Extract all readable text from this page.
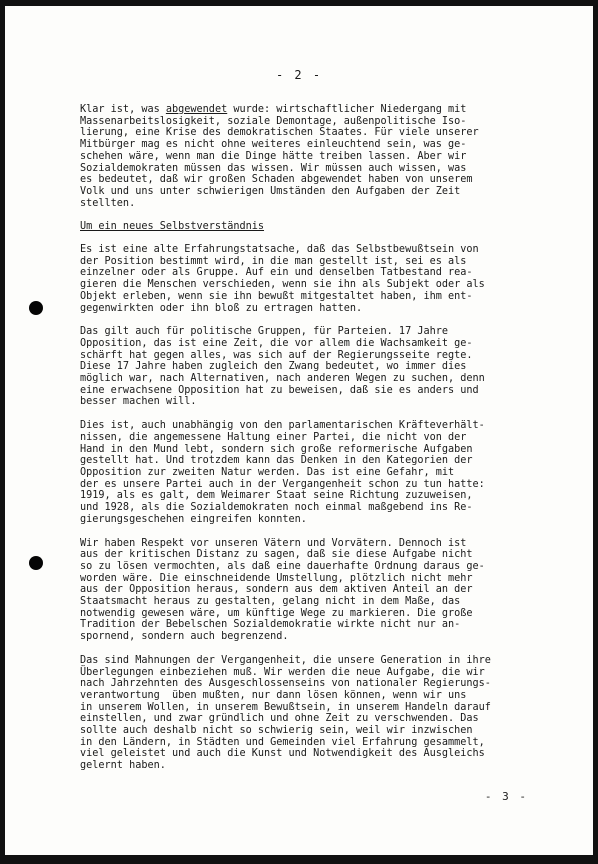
- 2 -
Klar ist, was abgewendet wurde: wirtschaftlicher Niedergang mit
Massenarbeitslosigkeit, soziale Demontage, außenpolitische Iso-
lierung, eine Krise des demokratischen Staates. Für viele unserer
Mitbürger mag es nicht ohne weiteres einleuchtend sein, was ge-
schehen wäre, wenn man die Dinge hätte treiben lassen. Aber wir
Sozialdemokraten müssen das wissen. Wir müssen auch wissen, was
es bedeutet, daß wir großen Schaden abgewendet haben von unserem
Volk und uns unter schwierigen Umständen den Aufgaben der Zeit
stellten.
Um ein neues Selbstverständnis
Es ist eine alte Erfahrungstatsache, daß das Selbstbewußtsein von
der Position bestimmt wird, in die man gestellt ist, sei es als
einzelner oder als Gruppe. Auf ein und denselben Tatbestand rea-
gieren die Menschen verschieden, wenn sie ihn als Subjekt oder als
Objekt erleben, wenn sie ihn bewußt mitgestaltet haben, ihm ent-
gegenwirkten oder ihn bloß zu ertragen hatten.
Das gilt auch für politische Gruppen, für Parteien. 17 Jahre
Opposition, das ist eine Zeit, die vor allem die Wachsamkeit ge-
schärft hat gegen alles, was sich auf der Regierungsseite regte.
Diese 17 Jahre haben zugleich den Zwang bedeutet, wo immer dies
möglich war, nach Alternativen, nach anderen Wegen zu suchen, denn
eine erwachsene Opposition hat zu beweisen, daß sie es anders und
besser machen will.
Dies ist, auch unabhängig von den parlamentarischen Kräfteverhält-
nissen, die angemessene Haltung einer Partei, die nicht von der
Hand in den Mund lebt, sondern sich große reformerische Aufgaben
gestellt hat. Und trotzdem kann das Denken in den Kategorien der
Opposition zur zweiten Natur werden. Das ist eine Gefahr, mit
der es unsere Partei auch in der Vergangenheit schon zu tun hatte:
1919, als es galt, dem Weimarer Staat seine Richtung zuzuweisen,
und 1928, als die Sozialdemokraten noch einmal maßgebend ins Re-
gierungsgeschehen eingreifen konnten.
Wir haben Respekt vor unseren Vätern und Vorvätern. Dennoch ist
aus der kritischen Distanz zu sagen, daß sie diese Aufgabe nicht
so zu lösen vermochten, als daß eine dauerhafte Ordnung daraus ge-
worden wäre. Die einschneidende Umstellung, plötzlich nicht mehr
aus der Opposition heraus, sondern aus dem aktiven Anteil an der
Staatsmacht heraus zu gestalten, gelang nicht in dem Maße, das
notwendig gewesen wäre, um künftige Wege zu markieren. Die große
Tradition der Bebelschen Sozialdemokratie wirkte nicht nur an-
spornend, sondern auch begrenzend.
Das sind Mahnungen der Vergangenheit, die unsere Generation in ihre
Überlegungen einbeziehen muß. Wir werden die neue Aufgabe, die wir
nach Jahrzehnten des Ausgeschlossenseins von nationaler Regierungs-
verantwortung  üben mußten, nur dann lösen können, wenn wir uns
in unserem Wollen, in unserem Bewußtsein, in unserem Handeln darauf
einstellen, und zwar gründlich und ohne Zeit zu verschwenden. Das
sollte auch deshalb nicht so schwierig sein, weil wir inzwischen
in den Ländern, in Städten und Gemeinden viel Erfahrung gesammelt,
viel geleistet und auch die Kunst und Notwendigkeit des Ausgleichs
gelernt haben.
- 3 -
